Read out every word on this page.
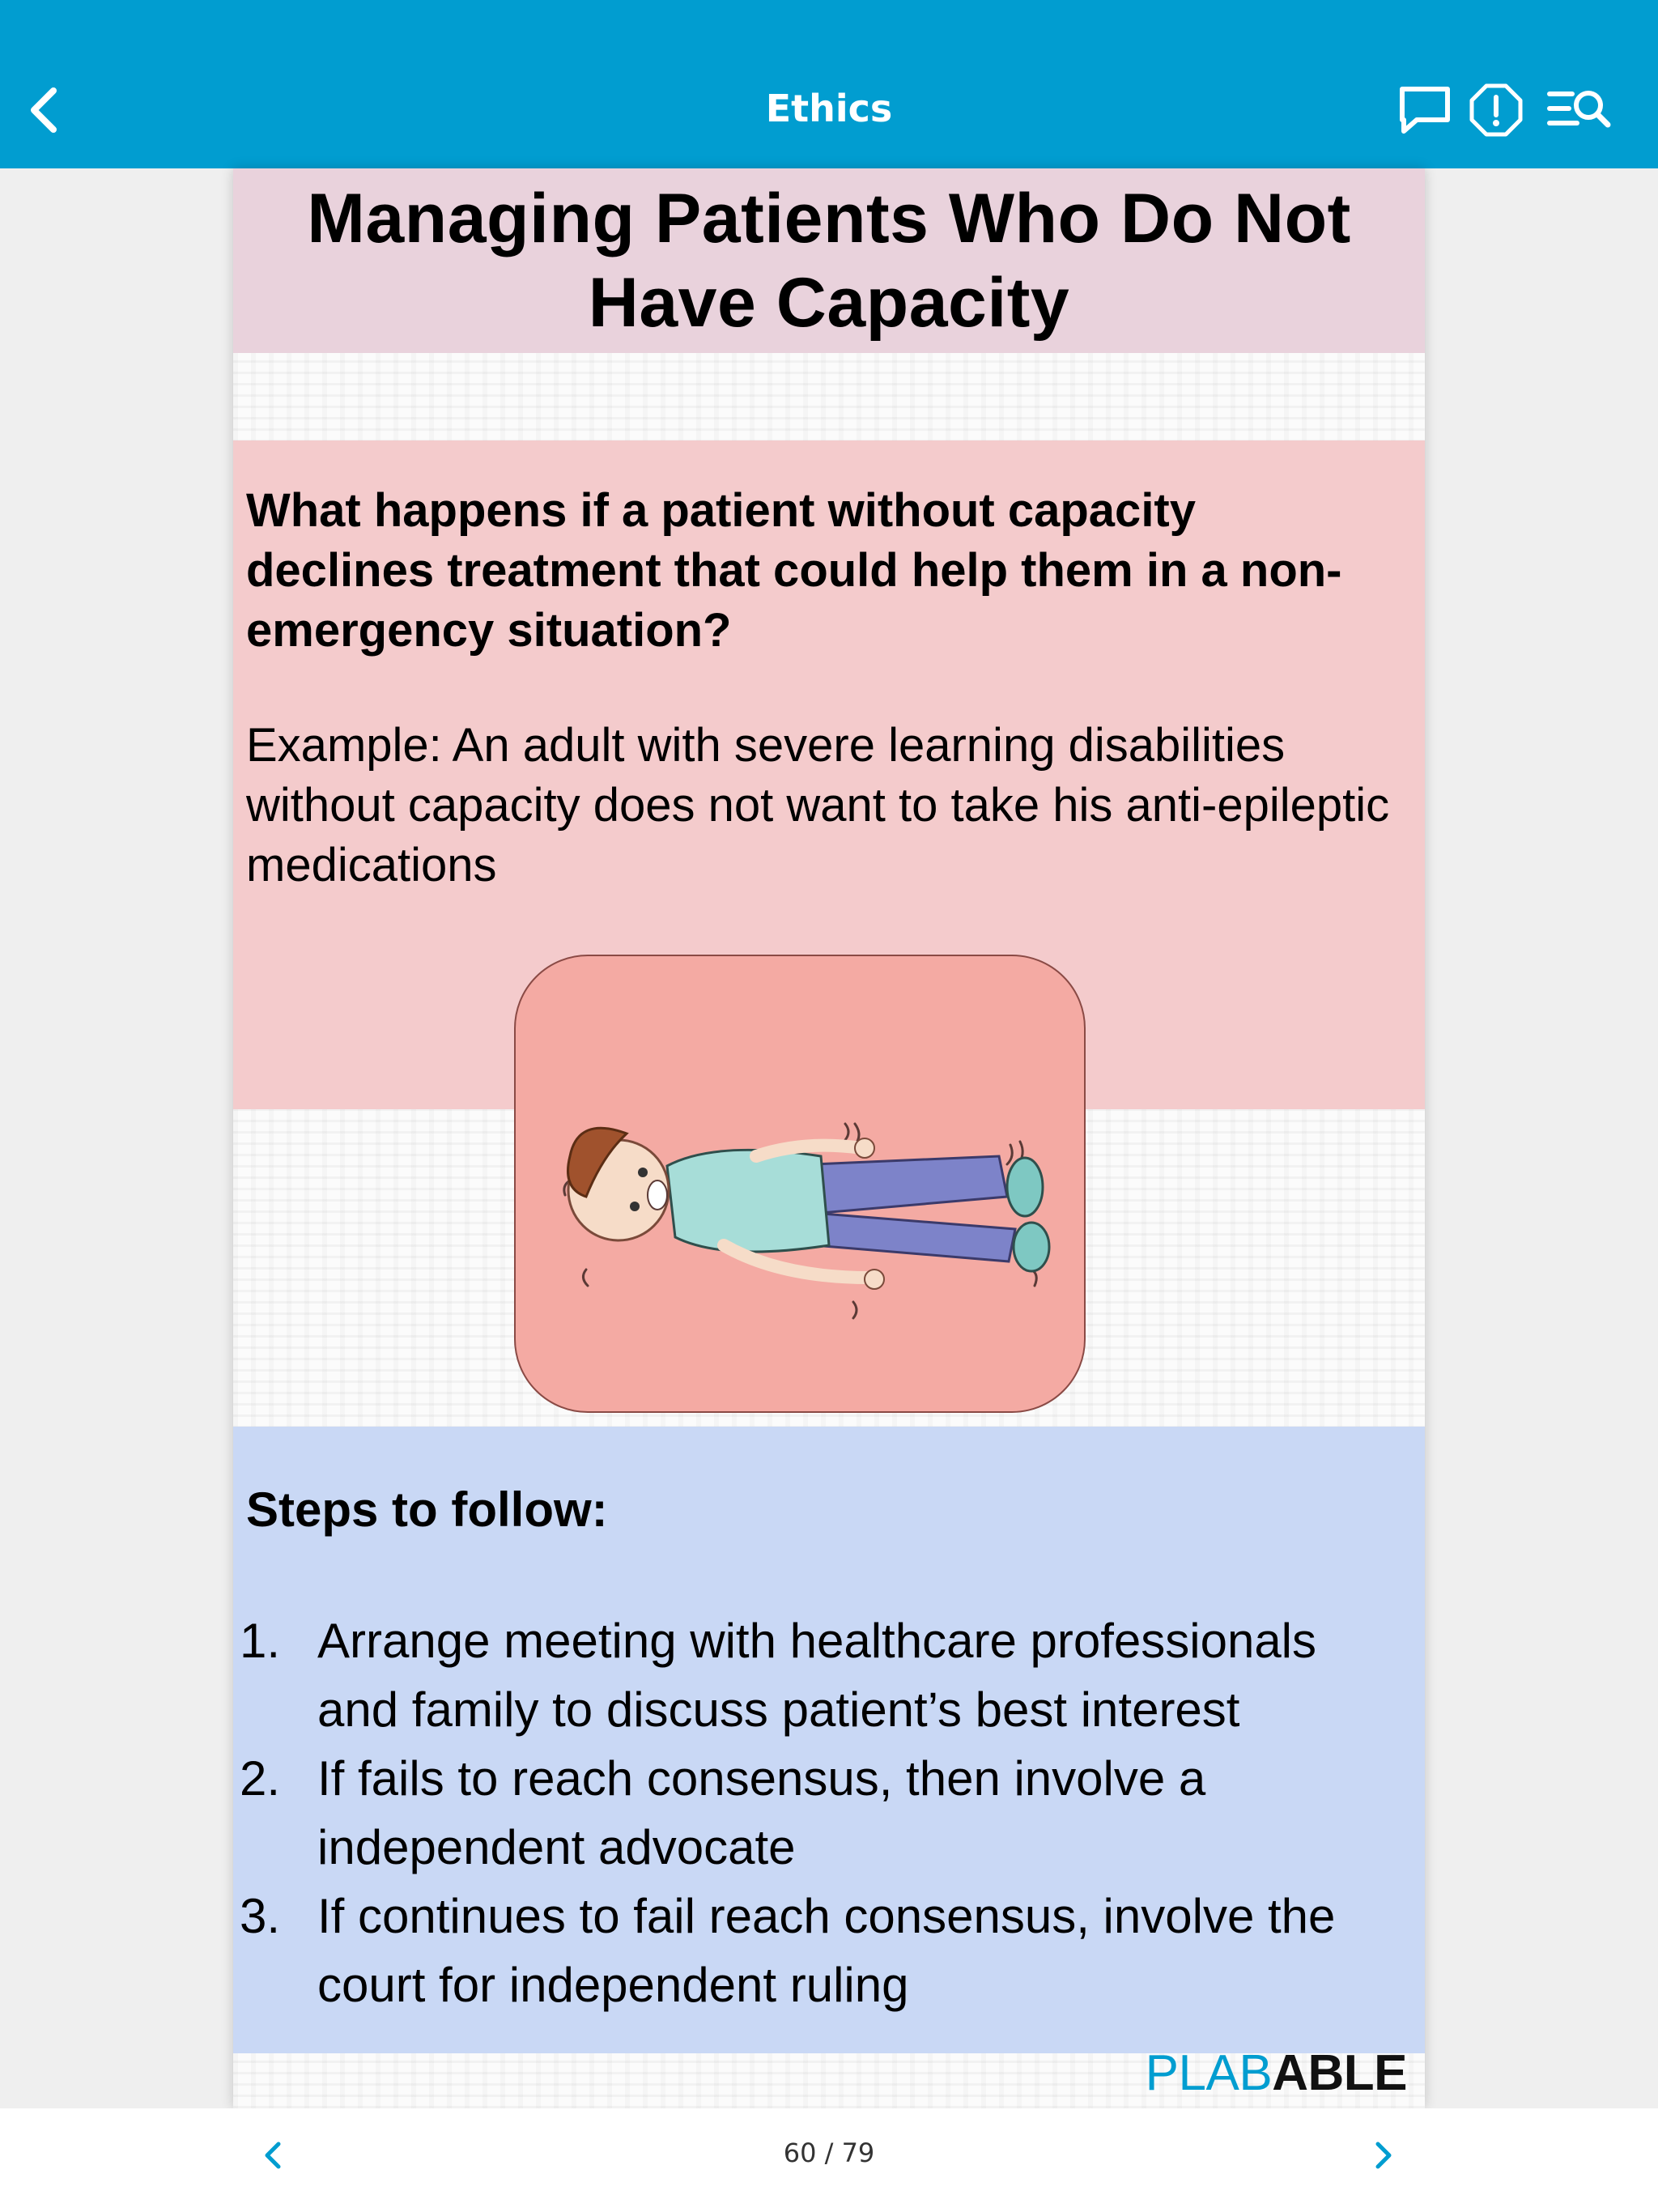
Ethics
Managing Patients Who Do Not Have Capacity

What happens if a patient without capacity declines treatment that could help them in a non-emergency situation?

Example: An adult with severe learning disabilities without capacity does not want to take his anti-epileptic medications

Steps to follow:
1. Arrange meeting with healthcare professionals and family to discuss patient’s best interest
2. If fails to reach consensus, then involve a independent advocate
3. If continues to fail reach consensus, involve the court for independent ruling
PLABABLE
60 / 79
